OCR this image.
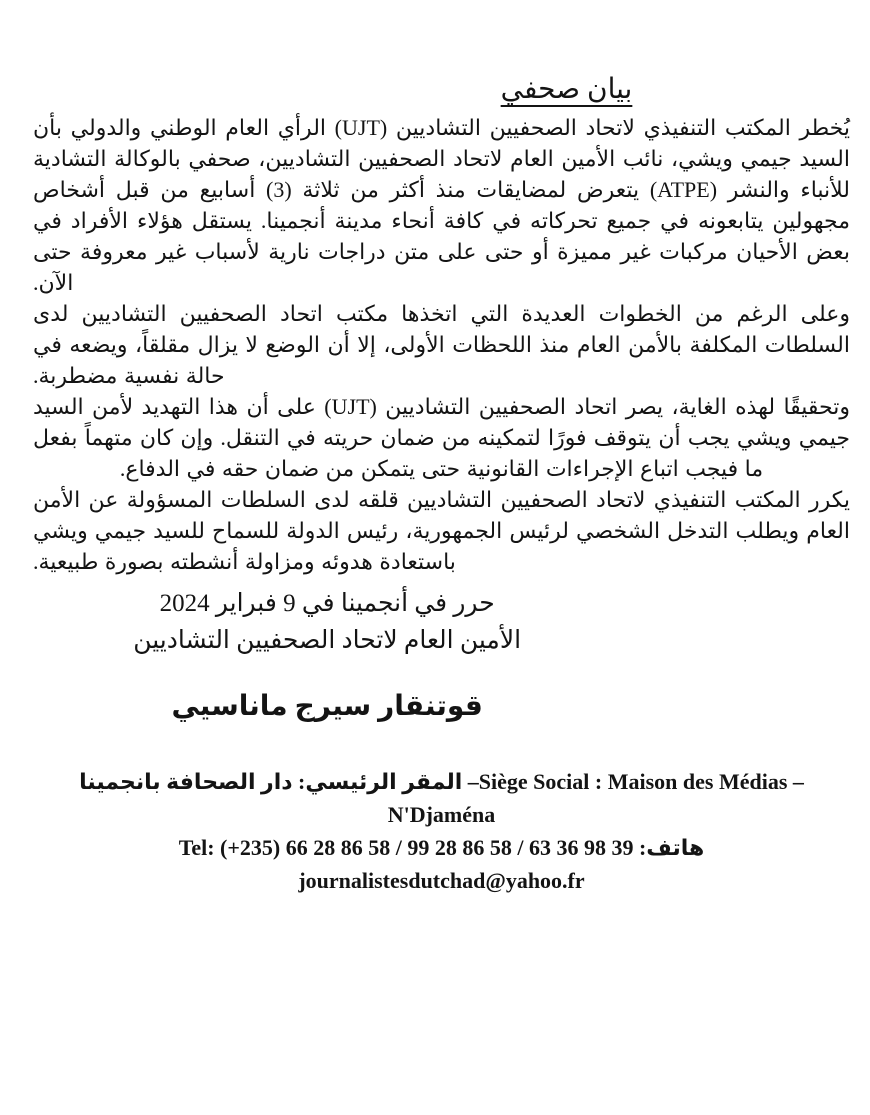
بيان صحفي

يُخطر المكتب التنفيذي لاتحاد الصحفيين التشاديين (UJT) الرأي العام الوطني والدولي بأن السيد جيمي ويشي، نائب الأمين العام لاتحاد الصحفيين التشاديين، صحفي بالوكالة التشادية للأنباء والنشر (ATPE) يتعرض لمضايقات منذ أكثر من ثلاثة (3) أسابيع من قبل أشخاص مجهولين يتابعونه في جميع تحركاته في كافة أنحاء مدينة أنجمينا. يستقل هؤلاء الأفراد في بعض الأحيان مركبات غير مميزة أو حتى على متن دراجات نارية لأسباب غير معروفة حتى الآن.

وعلى الرغم من الخطوات العديدة التي اتخذها مكتب اتحاد الصحفيين التشاديين لدى السلطات المكلفة بالأمن العام منذ اللحظات الأولى، إلا أن الوضع لا يزال مقلقاً، ويضعه في حالة نفسية مضطربة.

وتحقيقًا لهذه الغاية، يصر اتحاد الصحفيين التشاديين (UJT) على أن هذا التهديد لأمن السيد جيمي ويشي يجب أن يتوقف فورًا لتمكينه من ضمان حريته في التنقل. وإن كان متهماً بفعل ما فيجب اتباع الإجراءات القانونية حتى يتمكن من ضمان حقه في الدفاع.

يكرر المكتب التنفيذي لاتحاد الصحفيين التشاديين قلقه لدى السلطات المسؤولة عن الأمن العام ويطلب التدخل الشخصي لرئيس الجمهورية، رئيس الدولة للسماح للسيد جيمي ويشي باستعادة هدوئه ومزاولة أنشطته بصورة طبيعية.

حرر في أنجمينا في 9 فبراير 2024
الأمين العام لاتحاد الصحفيين التشاديين
قوتنقار سيرج ماناسيي
–Siège Social : Maison des Médias – المقر الرئيسي: دار الصحافة بانجمينا
N'Djaména
هاتف: Tel: (+235) 66 28 86 58 / 99 28 86 58 / 63 36 98 39
journalistesdutchad@yahoo.fr
